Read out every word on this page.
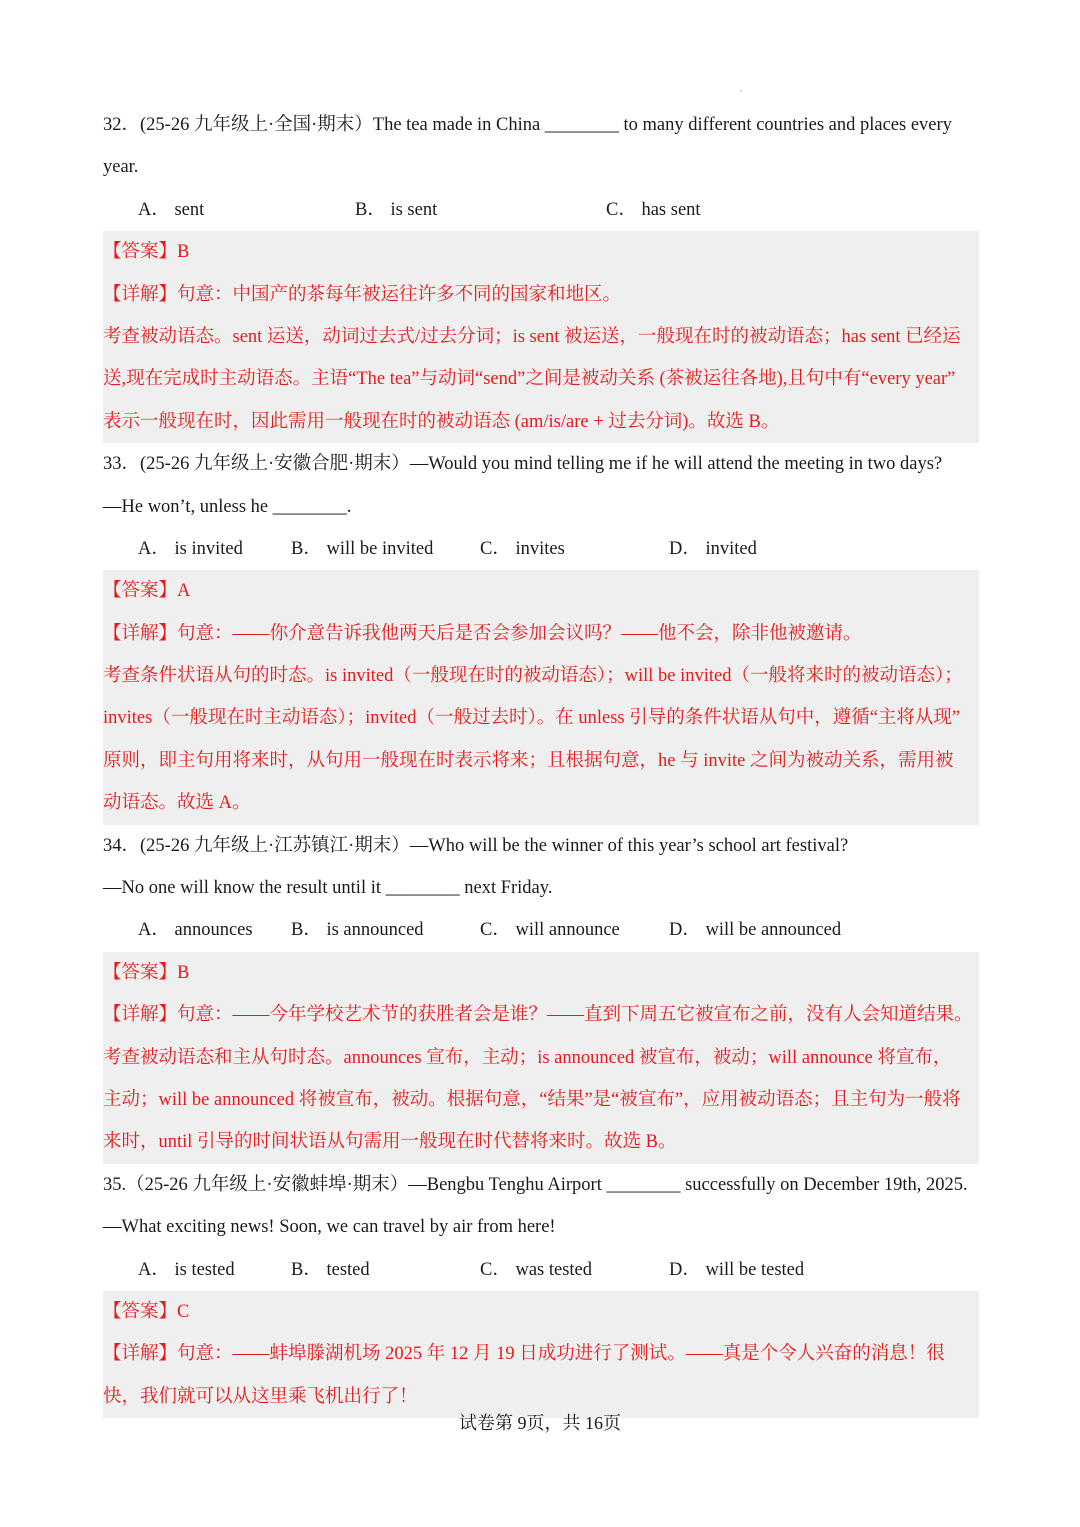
32．(25-26 九年级上·全国·期末）The tea made in China ________ to many different countries and places every
year.
A． sent	B． is sent	C． has sent
【答案】B
【详解】句意：中国产的茶每年被运往许多不同的国家和地区。
考查被动语态。sent 运送，动词过去式/过去分词；is sent 被运送，一般现在时的被动语态；has sent 已经运
送,现在完成时主动语态。主语“The tea”与动词“send”之间是被动关系 (茶被运往各地),且句中有“every year”
表示一般现在时，因此需用一般现在时的被动语态 (am/is/are + 过去分词)。故选 B。
33．(25-26 九年级上·安徽合肥·期末）—Would you mind telling me if he will attend the meeting in two days?
—He won’t, unless he ________.
A． is invited	B． will be invited	C． invites	D． invited
【答案】A
【详解】句意：——你介意告诉我他两天后是否会参加会议吗？——他不会，除非他被邀请。
考查条件状语从句的时态。is invited（一般现在时的被动语态）；will be invited（一般将来时的被动语态）；
invites（一般现在时主动语态）；invited（一般过去时）。在 unless 引导的条件状语从句中，遵循“主将从现”
原则，即主句用将来时，从句用一般现在时表示将来；且根据句意，he 与 invite 之间为被动关系，需用被
动语态。故选 A。
34．(25-26 九年级上·江苏镇江·期末）—Who will be the winner of this year’s school art festival?
—No one will know the result until it ________ next Friday.
A． announces	B． is announced	C． will announce	D． will be announced
【答案】B
【详解】句意：——今年学校艺术节的获胜者会是谁？——直到下周五它被宣布之前，没有人会知道结果。
考查被动语态和主从句时态。announces 宣布，主动；is announced 被宣布，被动；will announce 将宣布，
主动；will be announced 将被宣布，被动。根据句意，“结果”是“被宣布”，应用被动语态；且主句为一般将
来时，until 引导的时间状语从句需用一般现在时代替将来时。故选 B。
35.（25-26 九年级上·安徽蚌埠·期末）—Bengbu Tenghu Airport ________ successfully on December 19th, 2025.
—What exciting news! Soon, we can travel by air from here!
A． is tested	B． tested	C． was tested	D． will be tested
【答案】C
【详解】句意：——蚌埠滕湖机场 2025 年 12 月 19 日成功进行了测试。——真是个令人兴奋的消息！很
快，我们就可以从这里乘飞机出行了！
试卷第 9页，共 16页
